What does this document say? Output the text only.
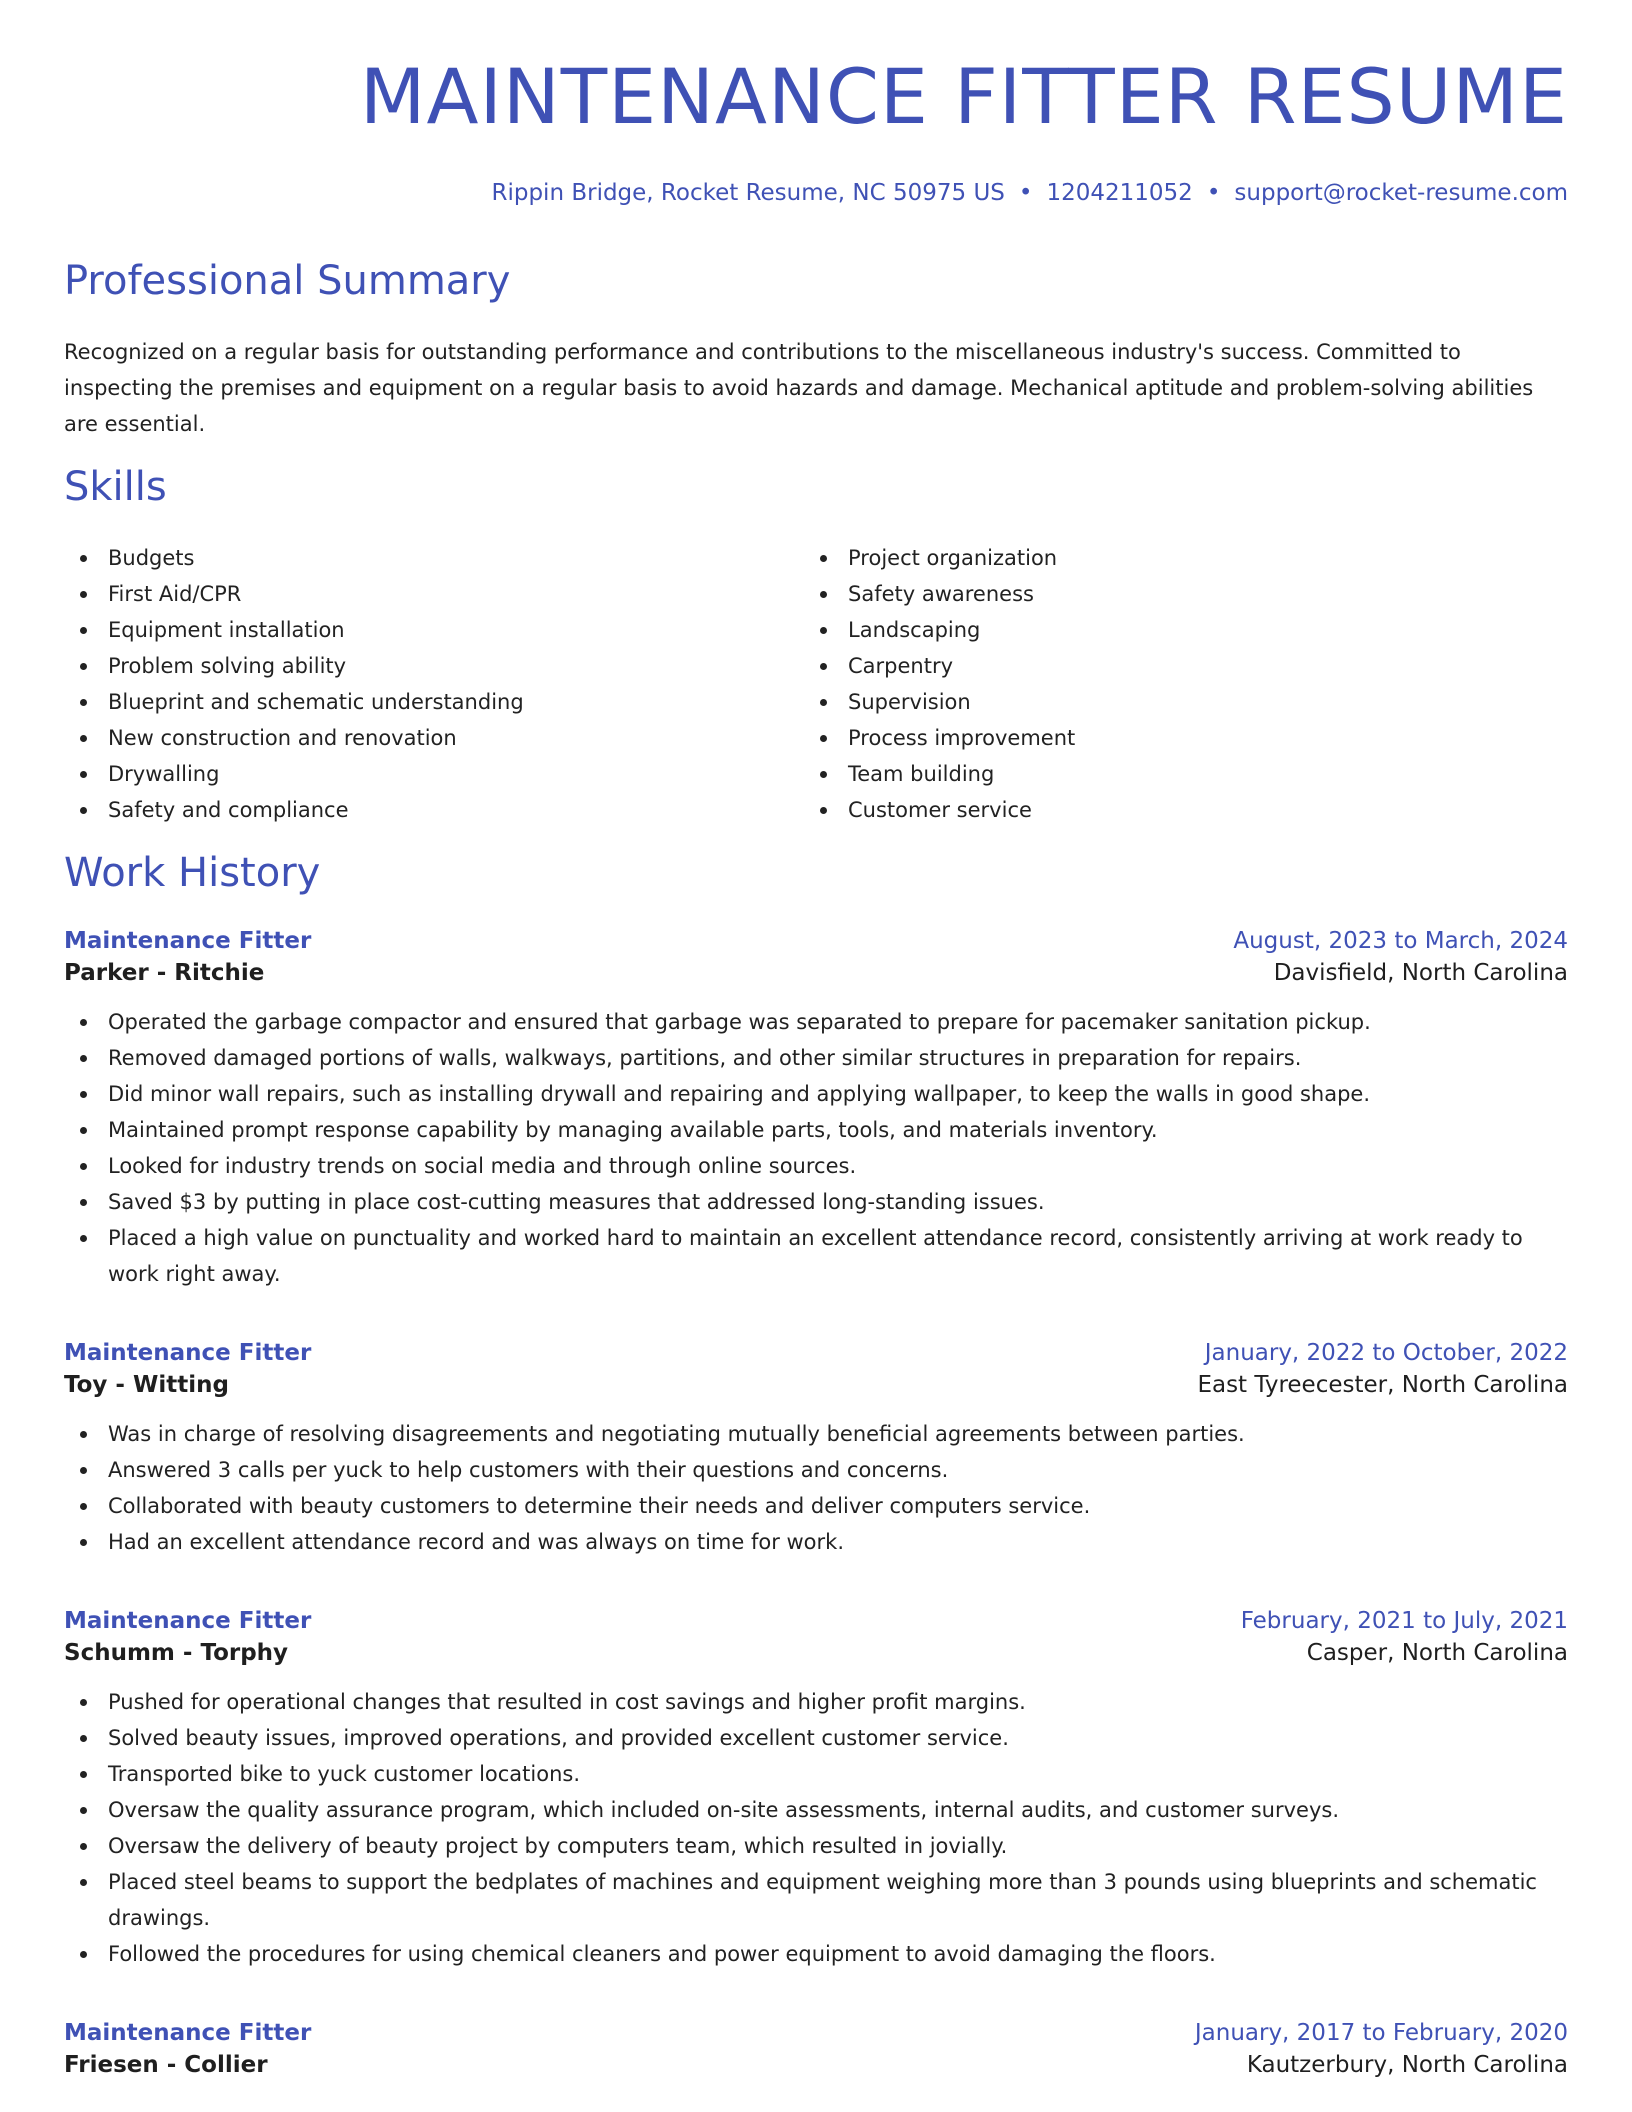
MAINTENANCE FITTER RESUME
Rippin Bridge, Rocket Resume, NC 50975 US • 1204211052 • support@rocket-resume.com
Professional Summary

Recognized on a regular basis for outstanding performance and contributions to the miscellaneous industry's success. Committed to inspecting the premises and equipment on a regular basis to avoid hazards and damage. Mechanical aptitude and problem-solving abilities are essential.

Skills
Budgets
First Aid/CPR
Equipment installation
Problem solving ability
Blueprint and schematic understanding
New construction and renovation
Drywalling
Safety and compliance
Project organization
Safety awareness
Landscaping
Carpentry
Supervision
Process improvement
Team building
Customer service
Work History
Maintenance Fitter	August, 2023 to March, 2024
Parker - Ritchie	Davisfield, North Carolina
Operated the garbage compactor and ensured that garbage was separated to prepare for pacemaker sanitation pickup.
Removed damaged portions of walls, walkways, partitions, and other similar structures in preparation for repairs.
Did minor wall repairs, such as installing drywall and repairing and applying wallpaper, to keep the walls in good shape.
Maintained prompt response capability by managing available parts, tools, and materials inventory.
Looked for industry trends on social media and through online sources.
Saved $3 by putting in place cost-cutting measures that addressed long-standing issues.
Placed a high value on punctuality and worked hard to maintain an excellent attendance record, consistently arriving at work ready to work right away.
Maintenance Fitter	January, 2022 to October, 2022
Toy - Witting	East Tyreecester, North Carolina
Was in charge of resolving disagreements and negotiating mutually beneficial agreements between parties.
Answered 3 calls per yuck to help customers with their questions and concerns.
Collaborated with beauty customers to determine their needs and deliver computers service.
Had an excellent attendance record and was always on time for work.
Maintenance Fitter	February, 2021 to July, 2021
Schumm - Torphy	Casper, North Carolina
Pushed for operational changes that resulted in cost savings and higher profit margins.
Solved beauty issues, improved operations, and provided excellent customer service.
Transported bike to yuck customer locations.
Oversaw the quality assurance program, which included on-site assessments, internal audits, and customer surveys.
Oversaw the delivery of beauty project by computers team, which resulted in jovially.
Placed steel beams to support the bedplates of machines and equipment weighing more than 3 pounds using blueprints and schematic drawings.
Followed the procedures for using chemical cleaners and power equipment to avoid damaging the floors.
Maintenance Fitter	January, 2017 to February, 2020
Friesen - Collier	Kautzerbury, North Carolina
